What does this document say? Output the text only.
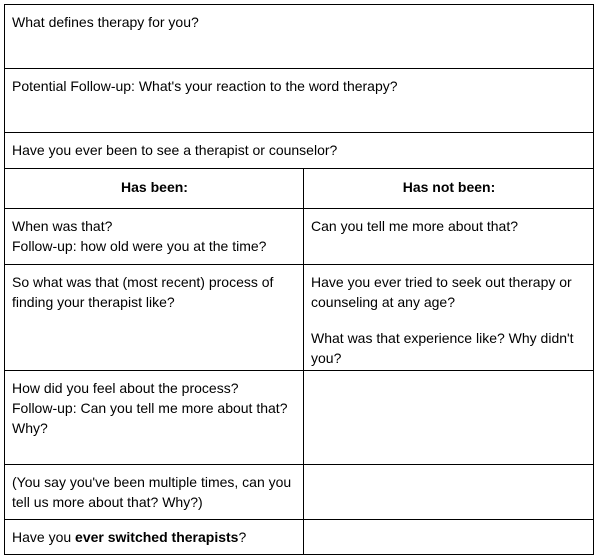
What defines therapy for you?

Potential Follow-up: What's your reaction to the word therapy?

Have you ever been to see a therapist or counselor?

Has been:	Has not been:

When was that?

Follow-up: how old were you at the time?

Can you tell me more about that?

So what was that (most recent) process of finding your therapist like?

Have you ever tried to seek out therapy or counseling at any age?

What was that experience like? Why didn't you?

How did you feel about the process?

Follow-up: Can you tell me more about that?

Why?

(You say you've been multiple times, can you tell us more about that? Why?)

Have you ever switched therapists?
